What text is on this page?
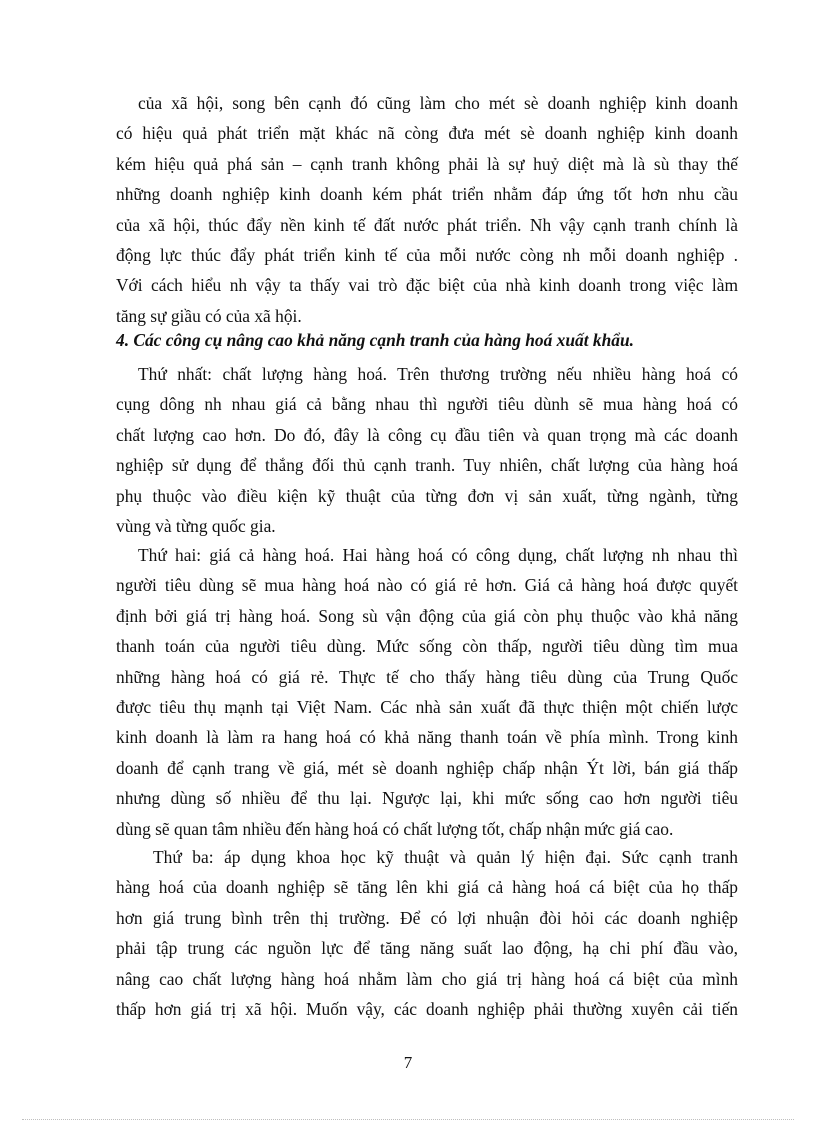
của xã hội, song bên cạnh đó cũng làm cho mét sè doanh nghiệp kinh doanh
có hiệu quả phát triển mặt khác nã còng đưa mét sè doanh nghiệp kinh doanh
kém hiệu quả phá sản – cạnh tranh không phải là sự huỷ diệt mà là sù thay thế
những doanh nghiệp kinh doanh kém phát triển nhằm đáp ứng tốt hơn nhu cầu
của xã hội, thúc đẩy nền kinh tế đất nước phát triển. Nh vậy cạnh tranh chính là
động lực thúc đẩy phát triển kinh tế của mỗi nước còng nh mỗi doanh nghiệp .
Với cách hiểu nh vậy ta thấy vai trò đặc biệt của nhà kinh doanh trong việc làm
tăng sự giầu có của xã hội.
4. Các công cụ nâng cao khả năng cạnh tranh của hàng hoá xuất khẩu.
Thứ nhất: chất lượng hàng hoá. Trên thương trường nếu nhiều hàng hoá có
cụng dông nh nhau giá cả bằng nhau thì người tiêu dùnh sẽ mua hàng hoá có
chất lượng cao hơn. Do đó, đây là công cụ đầu tiên và quan trọng mà các doanh
nghiệp sử dụng để thắng đối thủ cạnh tranh. Tuy nhiên, chất lượng của hàng hoá
phụ thuộc vào điều kiện kỹ thuật của từng đơn vị sản xuất, từng ngành, từng
vùng và từng quốc gia.
Thứ hai: giá cả hàng hoá. Hai hàng hoá có công dụng, chất lượng nh nhau thì
người tiêu dùng sẽ mua hàng hoá nào có giá rẻ hơn. Giá cả hàng hoá được quyết
định bởi giá trị hàng hoá. Song sù vận động của giá còn phụ thuộc vào khả năng
thanh toán của người tiêu dùng. Mức sống còn thấp, người tiêu dùng tìm mua
những hàng hoá có giá rẻ. Thực tế cho thấy hàng tiêu dùng của Trung Quốc
được tiêu thụ mạnh tại Việt Nam. Các nhà sản xuất đã thực thiện một chiến lược
kinh doanh là làm ra hang hoá có khả năng thanh toán về phía mình. Trong kinh
doanh để cạnh trang về giá, mét sè doanh nghiệp chấp nhận Ýt lời, bán giá thấp
nhưng dùng số nhiều để thu lại. Ngược lại, khi mức sống cao hơn người tiêu
dùng sẽ quan tâm nhiều đến hàng hoá có chất lượng tốt, chấp nhận mức giá cao.
Thứ ba: áp dụng khoa học kỹ thuật và quản lý hiện đại. Sức cạnh tranh
hàng hoá của doanh nghiệp sẽ tăng lên khi giá cả hàng hoá cá biệt của họ thấp
hơn giá trung bình trên thị trường. Để có lợi nhuận đòi hỏi các doanh nghiệp
phải tập trung các nguồn lực để tăng năng suất lao động, hạ chi phí đầu vào,
nâng cao chất lượng hàng hoá nhằm làm cho giá trị hàng hoá cá biệt của mình
thấp hơn giá trị xã hội. Muốn vậy, các doanh nghiệp phải thường xuyên cải tiến
7
